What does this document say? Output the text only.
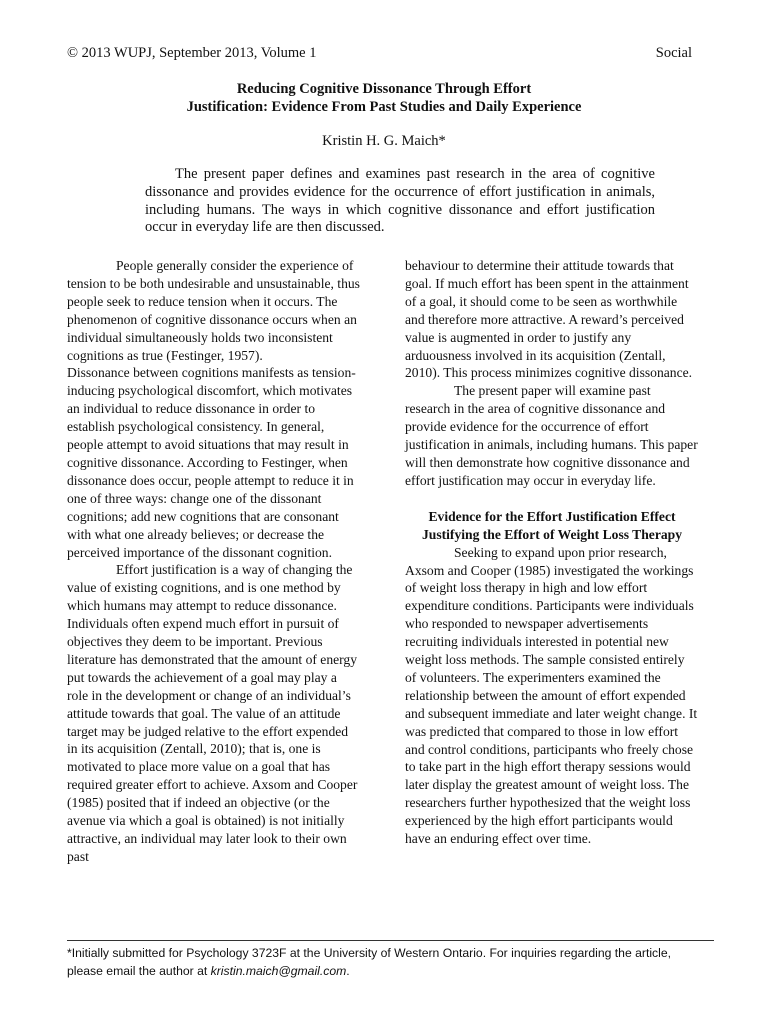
© 2013 WUPJ, September 2013, Volume 1	Social
Reducing Cognitive Dissonance Through Effort
Justification: Evidence From Past Studies and Daily Experience
Kristin H. G. Maich*

The present paper defines and examines past research in the area of cognitive dissonance and provides evidence for the occurrence of effort justification in animals, including humans. The ways in which cognitive dissonance and effort justification occur in everyday life are then discussed.

People generally consider the experience of tension to be both undesirable and unsustainable, thus people seek to reduce tension when it occurs. The phenomenon of cognitive dissonance occurs when an individual simultaneously holds two inconsistent cognitions as true (Festinger, 1957).

Dissonance between cognitions manifests as tension-inducing psychological discomfort, which motivates an individual to reduce dissonance in order to establish psychological consistency. In general, people attempt to avoid situations that may result in cognitive dissonance. According to Festinger, when dissonance does occur, people attempt to reduce it in one of three ways: change one of the dissonant cognitions; add new cognitions that are consonant with what one already believes; or decrease the perceived importance of the dissonant cognition.

Effort justification is a way of changing the value of existing cognitions, and is one method by which humans may attempt to reduce dissonance. Individuals often expend much effort in pursuit of objectives they deem to be important. Previous literature has demonstrated that the amount of energy put towards the achievement of a goal may play a role in the development or change of an individual’s attitude towards that goal. The value of an attitude target may be judged relative to the effort expended in its acquisition (Zentall, 2010); that is, one is motivated to place more value on a goal that has required greater effort to achieve. Axsom and Cooper (1985) posited that if indeed an objective (or the avenue via which a goal is obtained) is not initially attractive, an individual may later look to their own past

behaviour to determine their attitude towards that goal. If much effort has been spent in the attainment of a goal, it should come to be seen as worthwhile and therefore more attractive. A reward’s perceived value is augmented in order to justify any arduousness involved in its acquisition (Zentall, 2010). This process minimizes cognitive dissonance.

The present paper will examine past research in the area of cognitive dissonance and provide evidence for the occurrence of effort justification in animals, including humans. This paper will then demonstrate how cognitive dissonance and effort justification may occur in everyday life.

Evidence for the Effort Justification Effect

Justifying the Effort of Weight Loss Therapy

Seeking to expand upon prior research, Axsom and Cooper (1985) investigated the workings of weight loss therapy in high and low effort expenditure conditions. Participants were individuals who responded to newspaper advertisements recruiting individuals interested in potential new weight loss methods. The sample consisted entirely of volunteers. The experimenters examined the relationship between the amount of effort expended and subsequent immediate and later weight change. It was predicted that compared to those in low effort and control conditions, participants who freely chose to take part in the high effort therapy sessions would later display the greatest amount of weight loss. The researchers further hypothesized that the weight loss experienced by the high effort participants would have an enduring effect over time.

*Initially submitted for Psychology 3723F at the University of Western Ontario. For inquiries regarding the article, please email the author at kristin.maich@gmail.com.
